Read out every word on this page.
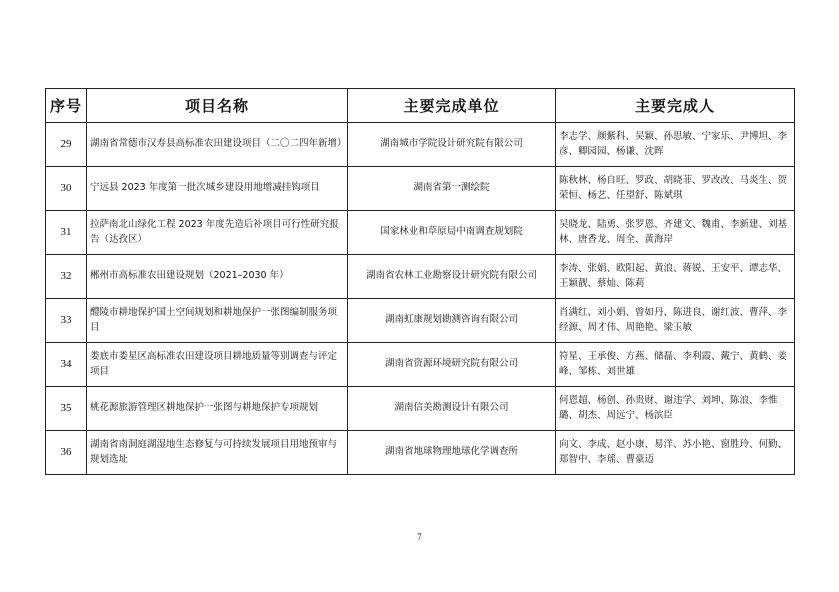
序号	项目名称	主要完成单位	主要完成人
29	湖南省常德市汉寿县高标准农田建设项目（二〇二四年新增）	湖南城市学院设计研究院有限公司	李志学、颜紫科、吴颖、孙思敏、宁家乐、尹博坦、李彦、卿园园、杨谦、沈晖
30	宁远县 2023 年度第一批次城乡建设用地增减挂钩项目	湖南省第一测绘院	陈秋林、杨自旺、罗政、胡晓菲、罗改改、马炎生、贺荣恒、杨艺、任望舒、陈斌琪
31	拉萨南北山绿化工程 2023 年度先造后补项目可行性研究报告（达孜区）	国家林业和草原局中南调查规划院	吴晓龙、陆勇、张罗恩、齐建文、魏甫、李新建、刘基林、唐香龙、周全、黄海岸
32	郴州市高标准农田建设规划（2021–2030 年）	湖南省农林工业勘察设计研究院有限公司	李涛、张娟、欧阳起、黄浪、蒋锐、王安平、谭志华、王颖靓、蔡灿、陈莉
33	醴陵市耕地保护国土空间规划和耕地保护一张图编制服务项目	湖南虹康规划勘测咨询有限公司	肖满红、刘小娟、曾如丹、陈进良、谢红波、曹萍、李经源、周才伟、周艳艳、梁玉敏
34	娄底市娄星区高标准农田建设项目耕地质量等别调查与评定项目	湖南省资源环境研究院有限公司	符星、王承俊、方燕、储磊、李利霞、戴宁、黄鹤、姜峰、邹栋、刘世雄
35	桃花源旅游管理区耕地保护一张图与耕地保护专项规划	湖南信美勘测设计有限公司	何恩超、杨创、孙贵财、谢违学、刘坤、陈浪、李惟璐、胡杰、周远宁、杨滨臣
36	湖南省南洞庭湖湿地生态修复与可持续发展项目用地预审与规划选址	湖南省地球物理地球化学调查所	向文、李成、赵小康、易洋、苏小艳、窗胜玲、何勤、郑智中、李瑶、曹豪迈
7
